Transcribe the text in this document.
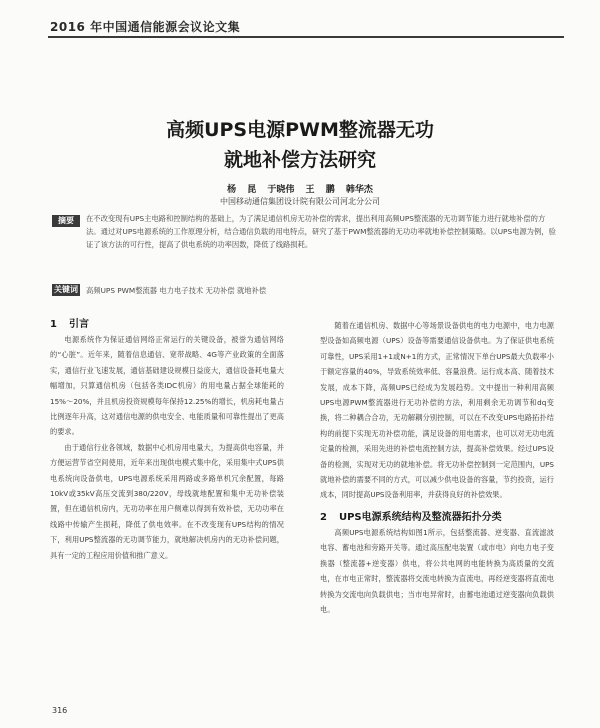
2016 年中国通信能源会议论文集
高频UPS电源PWM整流器无功
就地补偿方法研究
杨 昆 于晓伟 王 鹏 韩华杰
中国移动通信集团设计院有限公司河北分公司
摘要	在不改变现有UPS主电路和控制结构的基础上，为了满足通信机房无功补偿的需求，提出利用高频UPS整流器的无功调节能力进行就地补偿的方法。通过对UPS电源系统的工作原理分析，结合通信负载的用电特点，研究了基于PWM整流器的无功功率就地补偿控制策略。以UPS电源为例，验证了该方法的可行性，提高了供电系统的功率因数，降低了线路损耗。
关键词 高频UPS PWM整流器 电力电子技术 无功补偿 就地补偿

1 引言

电源系统作为保证通信网络正常运行的关键设备，被誉为通信网络的“心脏”。近年来，随着信息通信、宽带战略、4G等产业政策的全面落实，通信行业飞速发展，通信基础建设规模日益庞大，通信设备耗电量大幅增加，只算通信机房（包括各类IDC机房）的用电量占据全球能耗的15%～20%，并且机房投资规模每年保持12.25%的增长，机房耗电量占比例逐年升高，这对通信电源的供电安全、电能质量和可靠性提出了更高的要求。

由于通信行业各领域，数据中心机房用电量大，为提高供电容量，并方便运营节省空间使用，近年来出现供电模式集中化，采用集中式UPS供电系统向设备供电，UPS电源系统采用两路或多路单机冗余配置，每路10kV或35kV高压交流到380/220V，母线就地配置和集中无功补偿装置，但在通信机房内，无功功率在用户侧难以得到有效补偿，无功功率在线路中传输产生损耗，降低了供电效率。在不改变现有UPS结构的情况下，利用UPS整流器的无功调节能力，就地解决机房内的无功补偿问题，具有一定的工程应用价值和推广意义。

随着在通信机房、数据中心等场景设备供电的电力电源中，电力电源型设备如高频电源（UPS）设备等需要通信设备供电。为了保证供电系统可靠性，UPS采用1+1或N+1的方式，正常情况下单台UPS最大负载率小于额定容量的40%，导致系统效率低、容量浪费。运行成本高、随着技术发展，成本下降，高频UPS已经成为发展趋势。文中提出一种利用高频UPS电源PWM整流器进行无功补偿的方法，利用剩余无功调节和dq变换，将二种耦合合功，无功解耦分别控制，可以在不改变UPS电路拓扑结构的前提下实现无功补偿功能，满足设备的用电需求，也可以对无功电流定量的检测，采用先进的补偿电流控制方法，提高补偿效果。经过UPS设备的检测，实现对无功的就地补偿。将无功补偿控制到一定范围内，UPS就地补偿的需要不同的方式，可以减少供电设备的容量，节约投资，运行成本，同时提高UPS设备利用率，并获得良好的补偿效果。

2 UPS电源系统结构及整流器拓扑分类

高频UPS电源系统结构如图1所示，包括整流器、逆变器、直流滤波电容、蓄电池和旁路开关等。通过高压配电装置（或市电）向电力电子变换器（整流器+逆变器）供电，将公共电网的电能转换为高质量的交流电，在市电正常时，整流器将交流电转换为直流电，再经逆变器将直流电转换为交流电向负载供电；当市电异常时，由蓄电池通过逆变器向负载供电。

316
